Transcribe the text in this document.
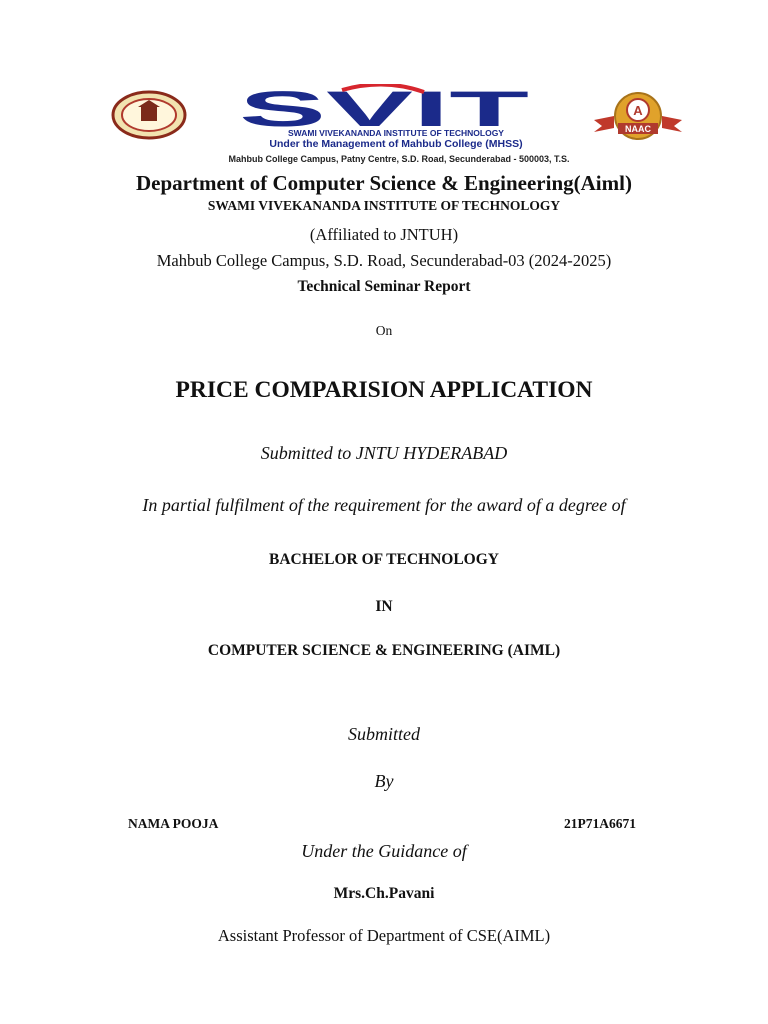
SVIT
SWAMI VIVEKANANDA INSTITUTE OF TECHNOLOGY
Under the Management of Mahbub College (MHSS)
Mahbub College Campus, Patny Centre, S.D. Road, Secunderabad - 500003, T.S.
A
NAAC
Department of Computer Science & Engineering(Aiml)
SWAMI VIVEKANANDA INSTITUTE OF TECHNOLOGY
(Affiliated to JNTUH)
Mahbub College Campus, S.D. Road, Secunderabad-03 (2024-2025)
Technical Seminar Report
On
PRICE COMPARISION APPLICATION
Submitted to JNTU HYDERABAD
In partial fulfilment of the requirement for the award of a degree of
BACHELOR OF TECHNOLOGY
IN
COMPUTER SCIENCE & ENGINEERING (AIML)
Submitted
By
NAMA POOJA	21P71A6671
Under the Guidance of
Mrs.Ch.Pavani
Assistant Professor of Department of CSE(AIML)
